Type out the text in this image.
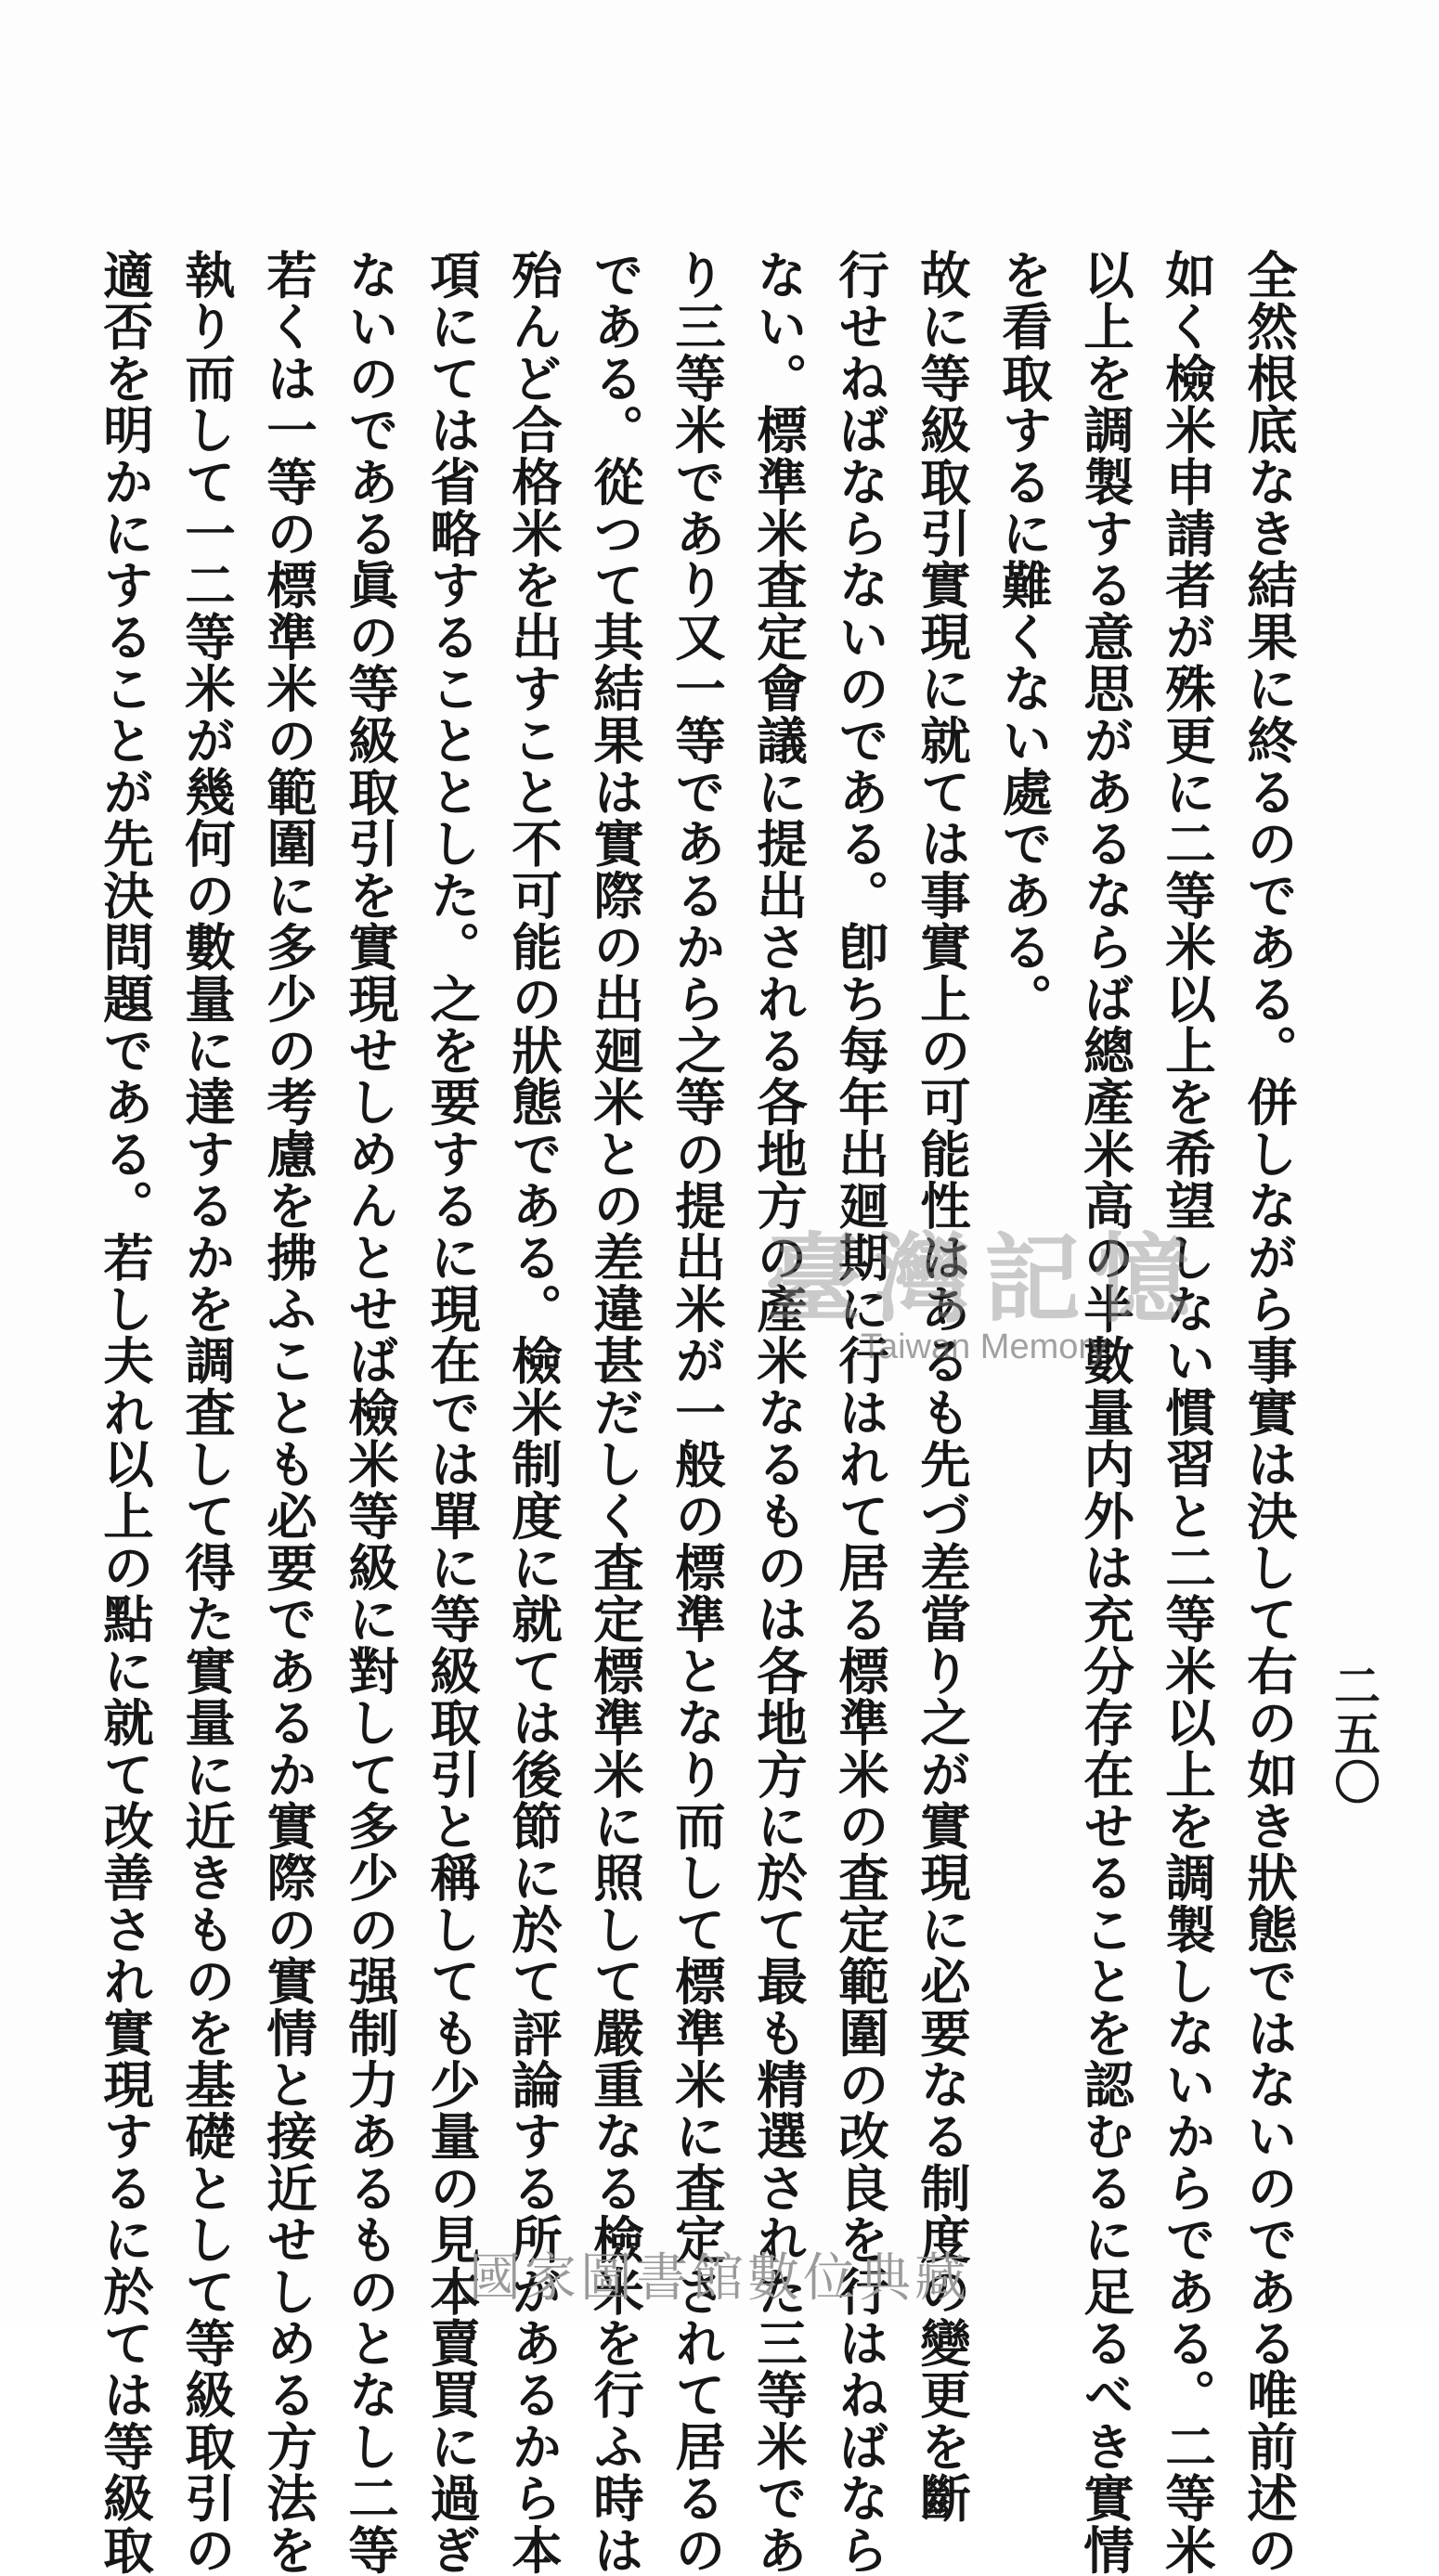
二五〇
全然根底なき結果に終るのである。併しながら事實は決して右の如き狀態ではないのである唯前述の
如く檢米申請者が殊更に二等米以上を希望しない慣習と二等米以上を調製しないからである。二等米
以上を調製する意思があるならば總產米高の半數量内外は充分存在せることを認むるに足るべき實情
を看取するに難くない處である。
故に等級取引實現に就ては事實上の可能性はあるも先づ差當り之が實現に必要なる制度の變更を斷
行せねばならないのである。卽ち每年出廻期に行はれて居る標準米の査定範圍の改良を行はねばなら
ない。標準米査定會議に提出される各地方の產米なるものは各地方に於て最も精選された三等米であ
り三等米であり又一等であるから之等の提出米が一般の標準となり而して標準米に査定されて居るの
である。從つて其結果は實際の出廻米との差違甚だしく査定標準米に照して嚴重なる檢米を行ふ時は
殆んど合格米を出すこと不可能の狀態である。檢米制度に就ては後節に於て評論する所があるから本
項にては省略することとした。之を要するに現在では單に等級取引と稱しても少量の見本賣買に過ぎ
ないのである眞の等級取引を實現せしめんとせば檢米等級に對して多少の强制力あるものとなし二等
若くは一等の標準米の範圍に多少の考慮を拂ふことも必要であるか實際の實情と接近せしめる方法を
執り而して一二等米が幾何の數量に達するかを調査して得た實量に近きものを基礎として等級取引の
適否を明かにすることが先決問題である。若し夫れ以上の點に就て改善され實現するに於ては等級取	臺灣記憶
Taiwan Memory
國家圖書館數位典藏
